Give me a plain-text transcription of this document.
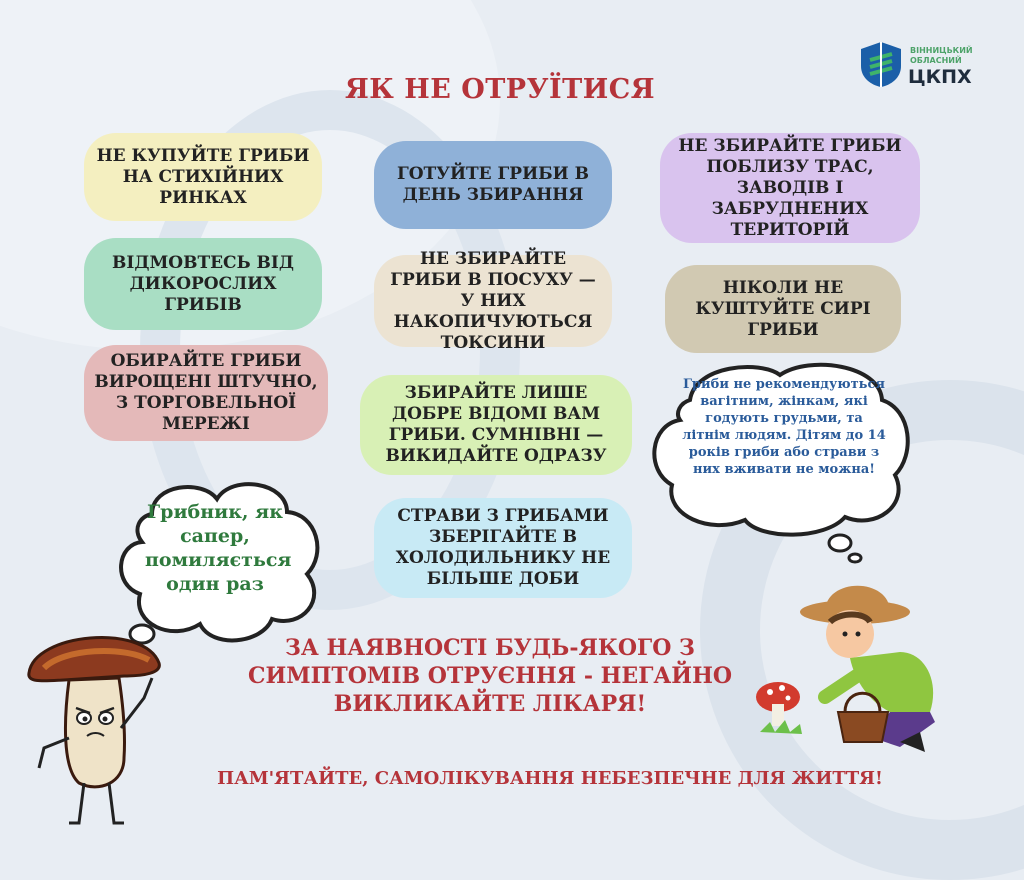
ВІННИЦЬКИЙ
ОБЛАСНИЙ
ЦКПХ
ЯК НЕ ОТРУЇТИСЯ
НЕ КУПУЙТЕ ГРИБИ НА СТИХІЙНИХ РИНКАХ
ГОТУЙТЕ ГРИБИ В ДЕНЬ ЗБИРАННЯ
НЕ ЗБИРАЙТЕ ГРИБИ ПОБЛИЗУ ТРАС, ЗАВОДІВ І ЗАБРУДНЕНИХ ТЕРИТОРІЙ
ВІДМОВТЕСЬ ВІД ДИКОРОСЛИХ ГРИБІВ
НЕ ЗБИРАЙТЕ ГРИБИ В ПОСУХУ — У НИХ НАКОПИЧУЮТЬСЯ ТОКСИНИ
НІКОЛИ НЕ КУШТУЙТЕ СИРІ ГРИБИ
ОБИРАЙТЕ ГРИБИ ВИРОЩЕНІ ШТУЧНО, З ТОРГОВЕЛЬНОЇ МЕРЕЖІ
ЗБИРАЙТЕ ЛИШЕ ДОБРЕ ВІДОМІ ВАМ ГРИБИ. СУМНІВНІ — ВИКИДАЙТЕ ОДРАЗУ
СТРАВИ З ГРИБАМИ ЗБЕРІГАЙТЕ В ХОЛОДИЛЬНИКУ НЕ БІЛЬШЕ ДОБИ
Грибник, як сапер, помиляється один раз
Гриби не рекомендуються вагітним, жінкам, які годують грудьми, та літнім людям. Дітям до 14 років гриби або страви з них вживати не можна!
ЗА НАЯВНОСТІ БУДЬ-ЯКОГО З СИМПТОМІВ ОТРУЄННЯ - НЕГАЙНО ВИКЛИКАЙТЕ ЛІКАРЯ!
ПАМ'ЯТАЙТЕ, САМОЛІКУВАННЯ НЕБЕЗПЕЧНЕ ДЛЯ ЖИТТЯ!
